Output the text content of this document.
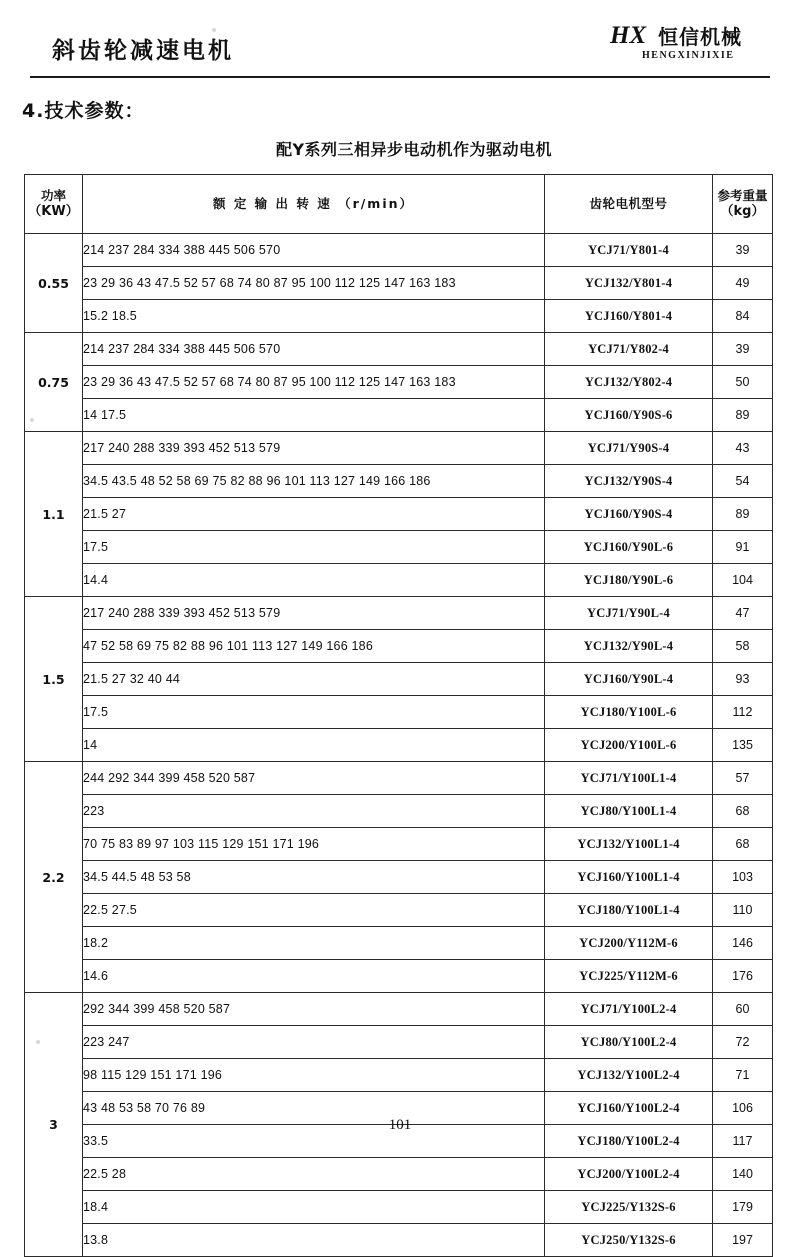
斜齿轮减速电机
HX 恒信机械
HENGXINJIXIE
4.技术参数：
配Y系列三相异步电动机作为驱动电机
功率
（KW）	额 定 输 出 转 速 （r/min）	齿轮电机型号	参考重量
（kg）

0.55	214 237 284 334 388 445 506 570	YCJ71/Y801-4	39
	23 29 36 43 47.5 52 57 68 74 80 87 95 100 112 125 147 163 183	YCJ132/Y801-4	49
	15.2 18.5	YCJ160/Y801-4	84
0.75	214 237 284 334 388 445 506 570	YCJ71/Y802-4	39
	23 29 36 43 47.5 52 57 68 74 80 87 95 100 112 125 147 163 183	YCJ132/Y802-4	50
	14 17.5	YCJ160/Y90S-6	89
1.1	217 240 288 339 393 452 513 579	YCJ71/Y90S-4	43
	34.5 43.5 48 52 58 69 75 82 88 96 101 113 127 149 166 186	YCJ132/Y90S-4	54
	21.5 27	YCJ160/Y90S-4	89
	17.5	YCJ160/Y90L-6	91
	14.4	YCJ180/Y90L-6	104
1.5	217 240 288 339 393 452 513 579	YCJ71/Y90L-4	47
	47 52 58 69 75 82 88 96 101 113 127 149 166 186	YCJ132/Y90L-4	58
	21.5 27 32 40 44	YCJ160/Y90L-4	93
	17.5	YCJ180/Y100L-6	112
	14	YCJ200/Y100L-6	135
2.2	244 292 344 399 458 520 587	YCJ71/Y100L1-4	57
	223	YCJ80/Y100L1-4	68
	70 75 83 89 97 103 115 129 151 171 196	YCJ132/Y100L1-4	68
	34.5 44.5 48 53 58	YCJ160/Y100L1-4	103
	22.5 27.5	YCJ180/Y100L1-4	110
	18.2	YCJ200/Y112M-6	146
	14.6	YCJ225/Y112M-6	176
3	292 344 399 458 520 587	YCJ71/Y100L2-4	60
	223 247	YCJ80/Y100L2-4	72
	98 115 129 151 171 196	YCJ132/Y100L2-4	71
	43 48 53 58 70 76 89	YCJ160/Y100L2-4	106
	33.5	YCJ180/Y100L2-4	117
	22.5 28	YCJ200/Y100L2-4	140
	18.4	YCJ225/Y132S-6	179
	13.8	YCJ250/Y132S-6	197
101
